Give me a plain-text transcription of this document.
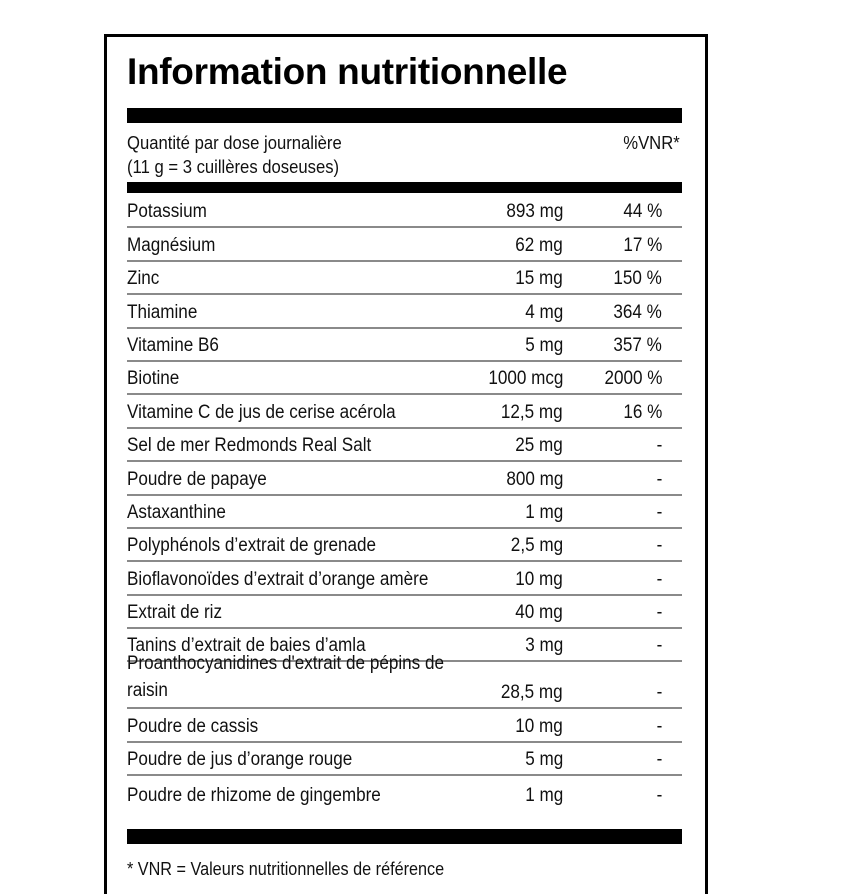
Information nutritionnelle
Quantité par dose journalière
(11 g = 3 cuillères doseuses)
%VNR*
Potassium	893 mg	44 %
Magnésium	62 mg	17 %
Zinc	15 mg	150 %
Thiamine	4 mg	364 %
Vitamine B6	5 mg	357 %
Biotine	1000 mcg 2000 %
Vitamine C de jus de cerise acérola	12,5 mg	16 %
Sel de mer Redmonds Real Salt	25 mg	-
Poudre de papaye	800 mg	-
Astaxanthine	1 mg	-
Polyphénols d’extrait de grenade	2,5 mg	-
Bioflavonoïdes d’extrait d’orange amère	10 mg	-
Extrait de riz	40 mg	-
Tanins d’extrait de baies d’amla	3 mg	-
Proanthocyanidines d'extrait de pépins de raisin	28,5 mg	-
Poudre de cassis	10 mg	-
Poudre de jus d’orange rouge	5 mg	-
Poudre de rhizome de gingembre	1 mg	-
* VNR = Valeurs nutritionnelles de référence
